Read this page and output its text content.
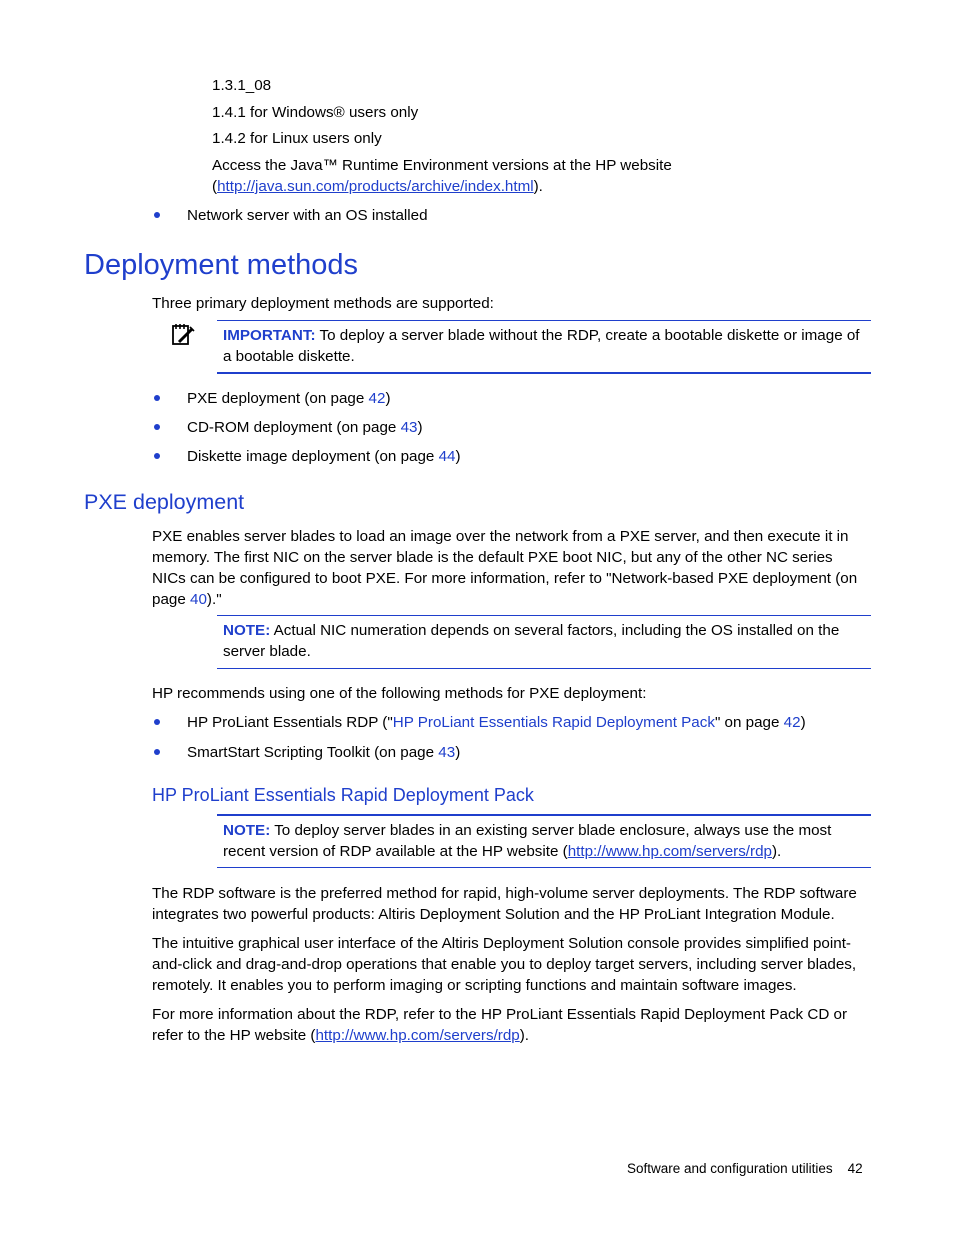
1.3.1_08

1.4.1 for Windows® users only

1.4.2 for Linux users only

Access the Java™ Runtime Environment versions at the HP website
(http://java.sun.com/products/archive/index.html).

Network server with an OS installed

Deployment methods

Three primary deployment methods are supported:

IMPORTANT: To deploy a server blade without the RDP, create a bootable diskette or image of a bootable diskette.

PXE deployment (on page 42)

CD-ROM deployment (on page 43)

Diskette image deployment (on page 44)

PXE deployment

PXE enables server blades to load an image over the network from a PXE server, and then execute it in memory. The first NIC on the server blade is the default PXE boot NIC, but any of the other NC series NICs can be configured to boot PXE. For more information, refer to "Network-based PXE deployment (on page 40)."

NOTE: Actual NIC numeration depends on several factors, including the OS installed on the server blade.

HP recommends using one of the following methods for PXE deployment:

HP ProLiant Essentials RDP ("HP ProLiant Essentials Rapid Deployment Pack" on page 42)

SmartStart Scripting Toolkit (on page 43)

HP ProLiant Essentials Rapid Deployment Pack
NOTE: To deploy server blades in an existing server blade enclosure, always use the most recent version of RDP available at the HP website (http://www.hp.com/servers/rdp).

The RDP software is the preferred method for rapid, high-volume server deployments. The RDP software integrates two powerful products: Altiris Deployment Solution and the HP ProLiant Integration Module.

The intuitive graphical user interface of the Altiris Deployment Solution console provides simplified point-and-click and drag-and-drop operations that enable you to deploy target servers, including server blades, remotely. It enables you to perform imaging or scripting functions and maintain software images.

For more information about the RDP, refer to the HP ProLiant Essentials Rapid Deployment Pack CD or refer to the HP website (http://www.hp.com/servers/rdp).

Software and configuration utilities 42
